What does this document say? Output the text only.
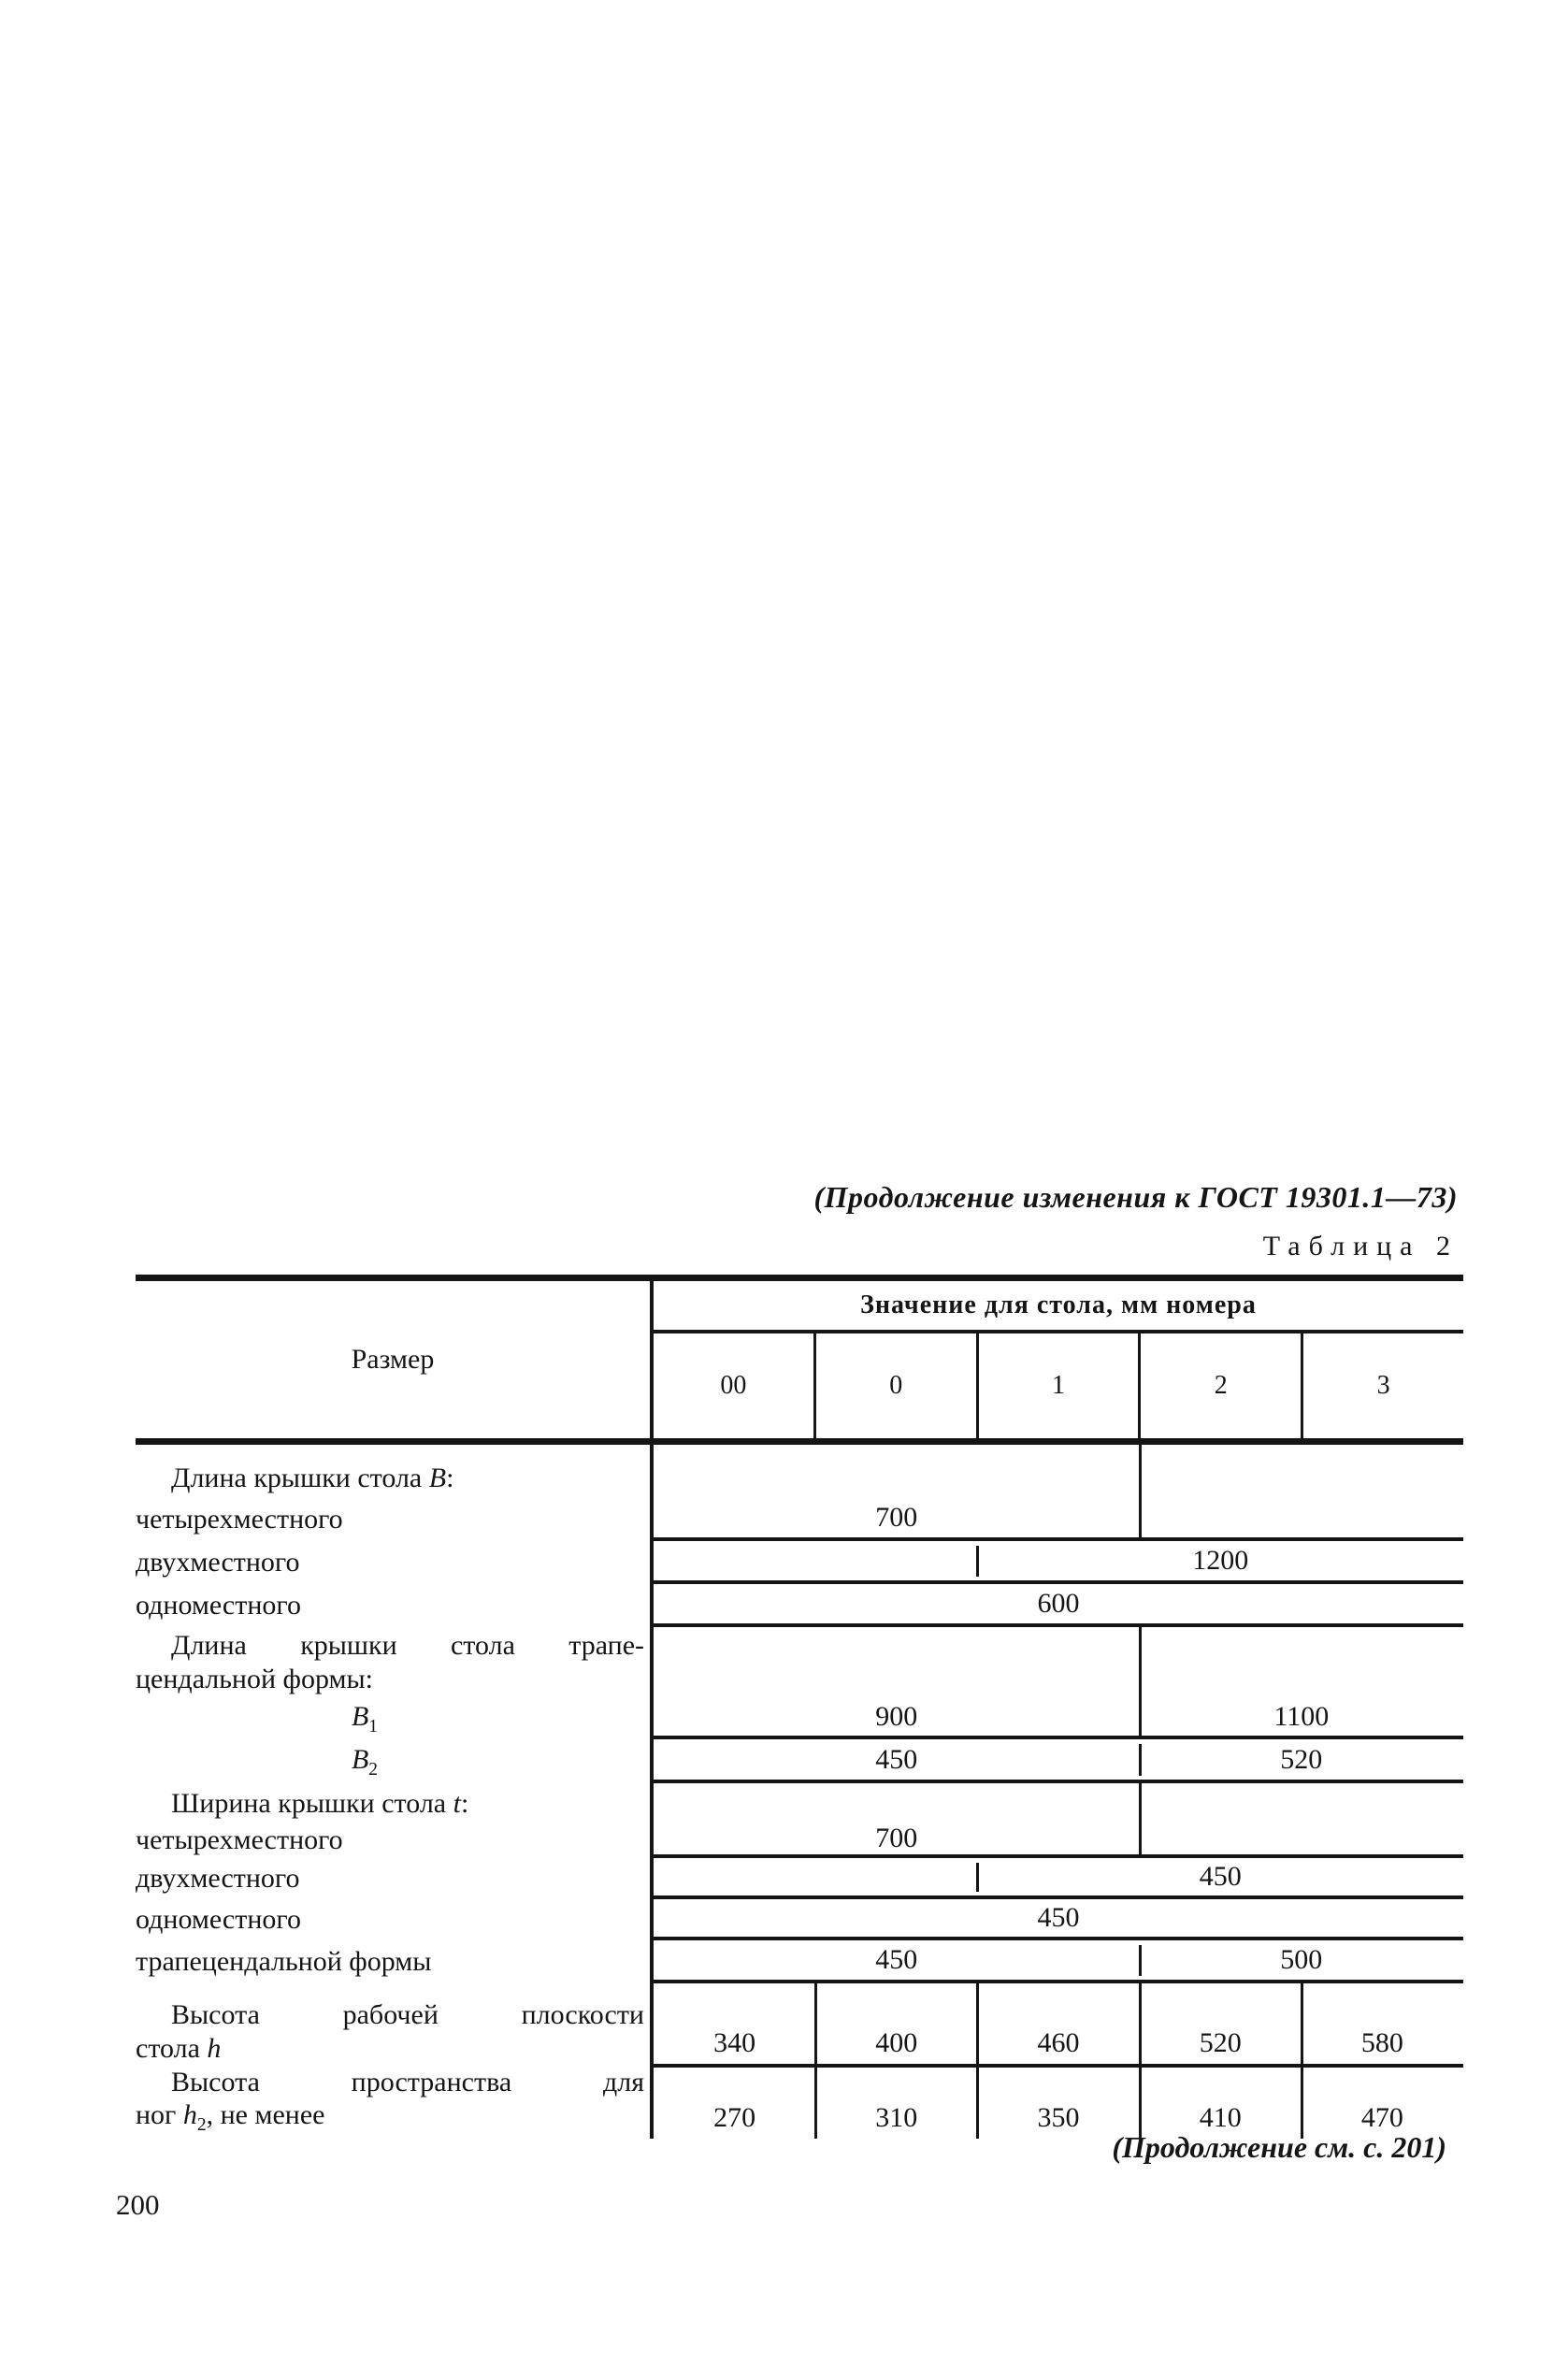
(Продолжение изменения к ГОСТ 19301.1—73)
Таблица 2
Размер
Значение для стола, мм номера
00	0	1	2	3
Длина крышки стола B:
четырехместного	700
двухместного	1200
одноместного	600
Длина крышки стола трапе-
цендальной формы:
$B_1$	900	1100
$B_2$	450	520
Ширина крышки стола t:
четырехместного	700
двухместного	450
одноместного	450
трапецендальной формы	450	500
Высота рабочей плоскости
стола h	340	400	460	520	580
Высота пространства для
ног $h_2$, не менее	270	310	350	410	470
(Продолжение см. с. 201)
200
